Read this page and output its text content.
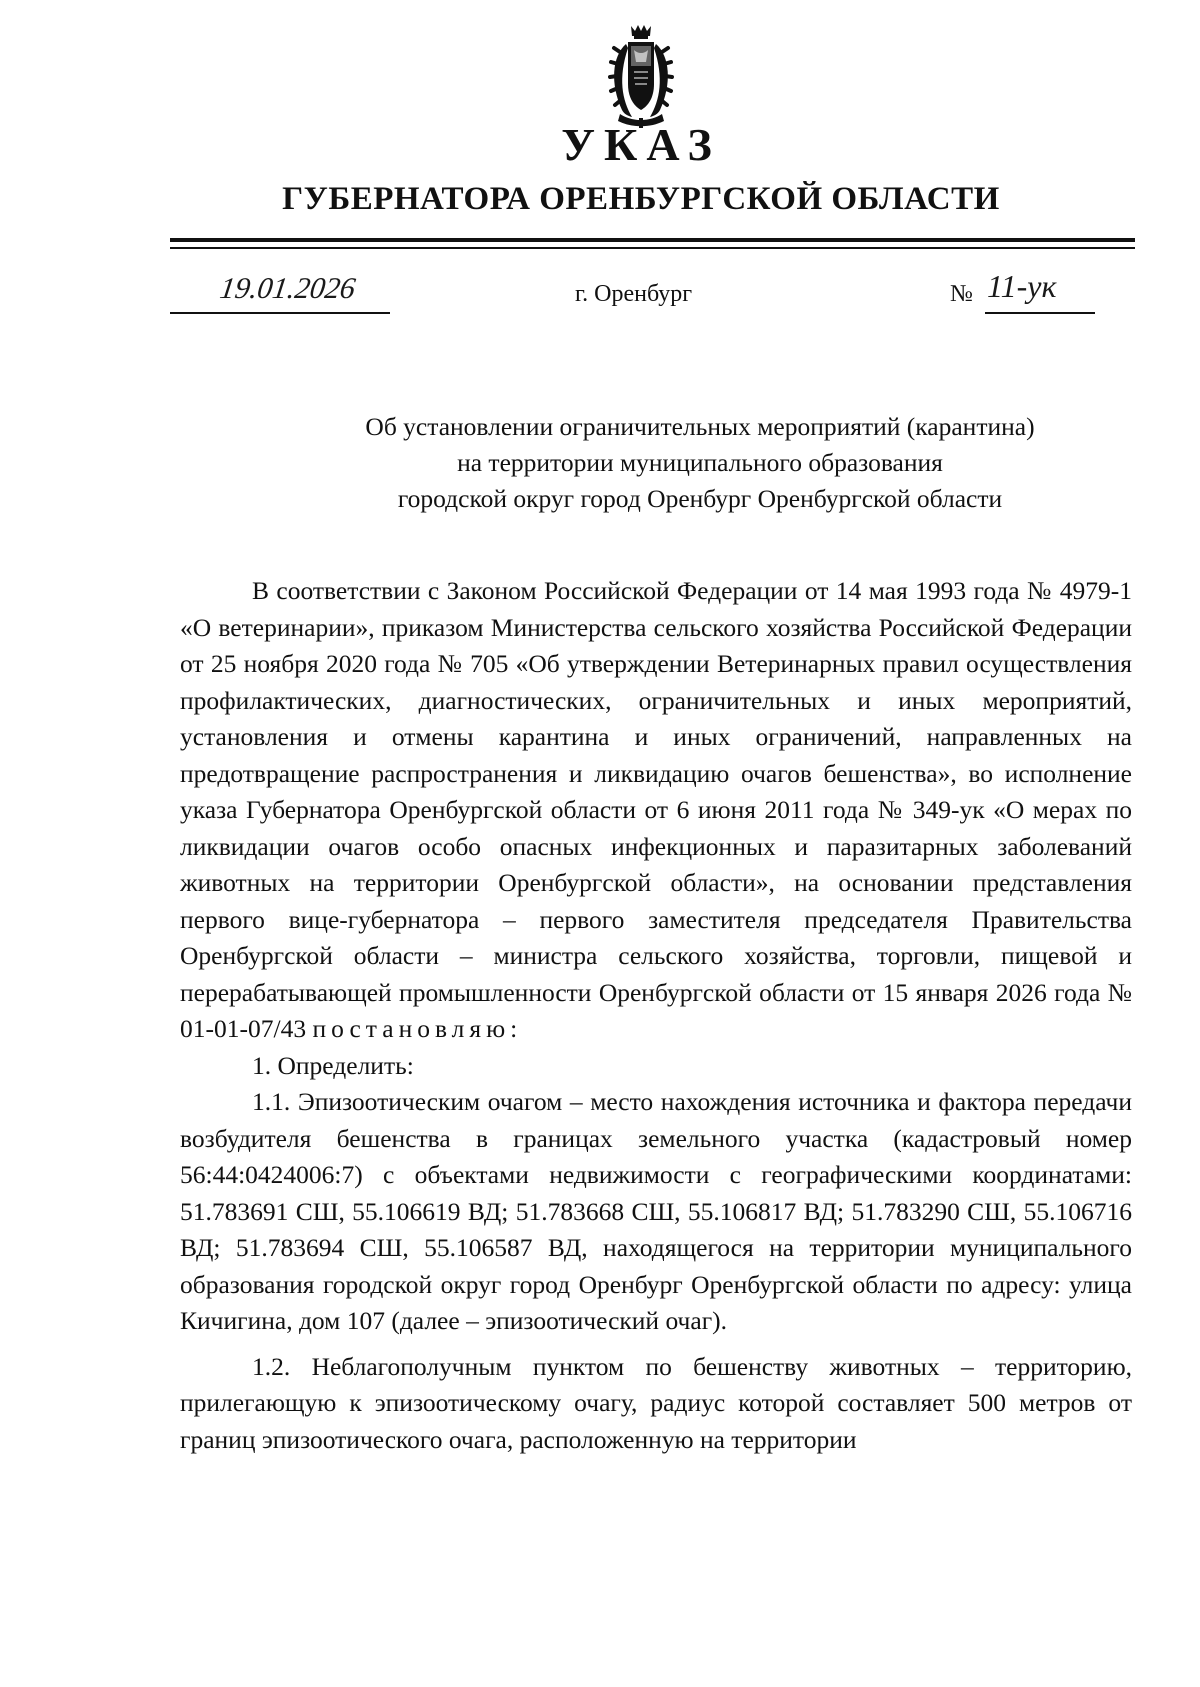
УКАЗ
ГУБЕРНАТОРА ОРЕНБУРГСКОЙ ОБЛАСТИ
19.01.2026	г. Оренбург	№ 11-ук
Об установлении ограничительных мероприятий (карантина)
на территории муниципального образования
городской округ город Оренбург Оренбургской области

В соответствии с Законом Российской Федерации от 14 мая 1993 года № 4979-1 «О ветеринарии», приказом Министерства сельского хозяйства Российской Федерации от 25 ноября 2020 года № 705 «Об утверждении Ветеринарных правил осуществления профилактических, диагностических, ограничительных и иных мероприятий, установления и отмены карантина и иных ограничений, направленных на предотвращение распространения и ликвидацию очагов бешенства», во исполнение указа Губернатора Оренбургской области от 6 июня 2011 года № 349-ук «О мерах по ликвидации очагов особо опасных инфекционных и паразитарных заболеваний животных на территории Оренбургской области», на основании представления первого вице-губернатора – первого заместителя председателя Правительства Оренбургской области – министра сельского хозяйства, торговли, пищевой и перерабатывающей промышленности Оренбургской области от 15 января 2026 года № 01-01-07/43 постановляю:

1. Определить:

1.1. Эпизоотическим очагом – место нахождения источника и фактора передачи возбудителя бешенства в границах земельного участка (кадастровый номер 56:44:0424006:7) с объектами недвижимости с географическими координатами: 51.783691 СШ, 55.106619 ВД; 51.783668 СШ, 55.106817 ВД; 51.783290 СШ, 55.106716 ВД; 51.783694 СШ, 55.106587 ВД, находящегося на территории муниципального образования городской округ город Оренбург Оренбургской области по адресу: улица Кичигина, дом 107 (далее – эпизоотический очаг).

1.2. Неблагополучным пунктом по бешенству животных – территорию, прилегающую к эпизоотическому очагу, радиус которой составляет 500 метров от границ эпизоотического очага, расположенную на территории
